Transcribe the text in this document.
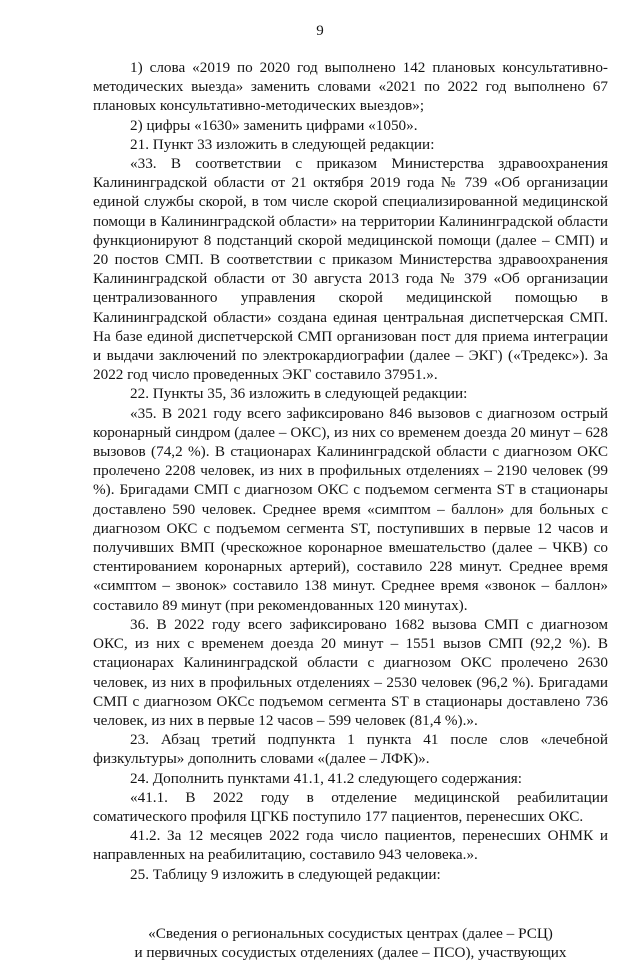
9

1) слова «2019 по 2020 год выполнено 142 плановых консультативно-методических выезда» заменить словами «2021 по 2022 год выполнено 67 плановых консультативно-методических выездов»;

2) цифры «1630» заменить цифрами «1050».

21. Пункт 33 изложить в следующей редакции:

«33. В соответствии с приказом Министерства здравоохранения Калининградской области от 21 октября 2019 года № 739 «Об организации единой службы скорой, в том числе скорой специализированной медицинской помощи в Калининградской области» на территории Калининградской области функционируют 8 подстанций скорой медицинской помощи (далее – СМП) и 20 постов СМП. В соответствии с приказом Министерства здравоохранения Калининградской области от 30 августа 2013 года № 379 «Об организации централизованного управления скорой медицинской помощью в Калининградской области» создана единая центральная диспетчерская СМП. На базе единой диспетчерской СМП организован пост для приема интеграции и выдачи заключений по электрокардиографии (далее – ЭКГ) («Тредекс»). За 2022 год число проведенных ЭКГ составило 37951.».

22. Пункты 35, 36 изложить в следующей редакции:

«35. В 2021 году всего зафиксировано 846 вызовов с диагнозом острый коронарный синдром (далее – ОКС), из них со временем доезда 20 минут – 628 вызовов (74,2 %). В стационарах Калининградской области с диагнозом ОКС пролечено 2208 человек, из них в профильных отделениях – 2190 человек (99 %). Бригадами СМП с диагнозом ОКС с подъемом сегмента ST в стационары доставлено 590 человек. Среднее время «симптом – баллон» для больных с диагнозом ОКС с подъемом сегмента ST, поступивших в первые 12 часов и получивших ВМП (чрескожное коронарное вмешательство (далее – ЧКВ) со стентированием коронарных артерий), составило 228 минут. Среднее время «симптом – звонок» составило 138 минут. Среднее время «звонок – баллон» составило 89 минут (при рекомендованных 120 минутах).

36. В 2022 году всего зафиксировано 1682 вызова СМП с диагнозом ОКС, из них с временем доезда 20 минут – 1551 вызов СМП (92,2 %). В стационарах Калининградской области с диагнозом ОКС пролечено 2630 человек, из них в профильных отделениях – 2530 человек (96,2 %). Бригадами СМП с диагнозом ОКСс подъемом сегмента ST в стационары доставлено 736 человек, из них в первые 12 часов – 599 человек (81,4 %).».

23. Абзац третий подпункта 1 пункта 41 после слов «лечебной физкультуры» дополнить словами «(далее – ЛФК)».

24. Дополнить пунктами 41.1, 41.2 следующего содержания:

«41.1. В 2022 году в отделение медицинской реабилитации соматического профиля ЦГКБ поступило 177 пациентов, перенесших ОКС.

41.2. За 12 месяцев 2022 года число пациентов, перенесших ОНМК и направленных на реабилитацию, составило 943 человека.».

25. Таблицу 9 изложить в следующей редакции:

«Сведения о региональных сосудистых центрах (далее – РСЦ)

и первичных сосудистых отделениях (далее – ПСО), участвующих
